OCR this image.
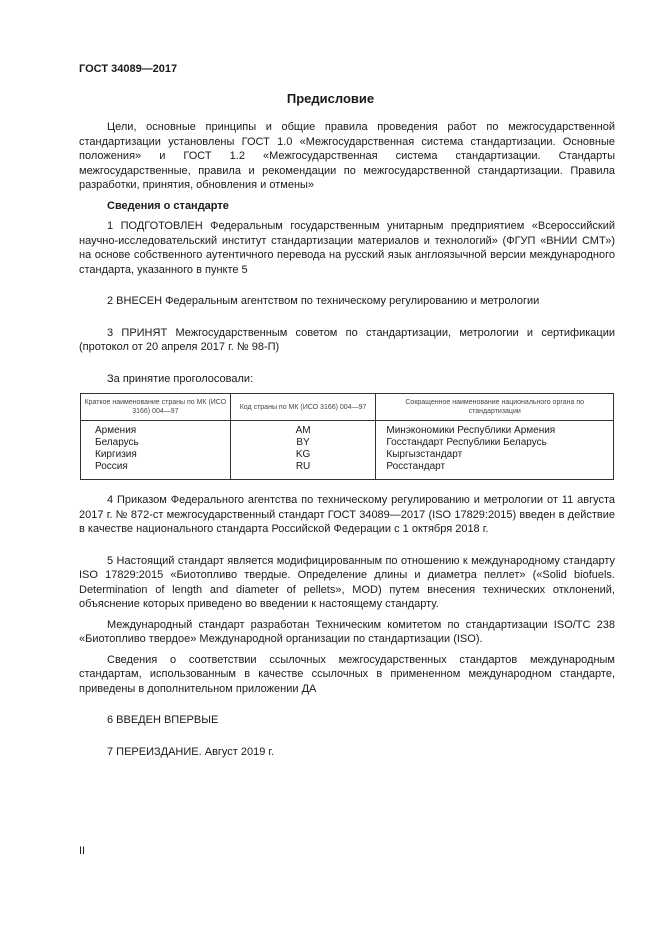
ГОСТ 34089—2017
Предисловие

Цели, основные принципы и общие правила проведения работ по межгосударственной стандартизации установлены ГОСТ 1.0 «Межгосударственная система стандартизации. Основные положения» и ГОСТ 1.2 «Межгосударственная система стандартизации. Стандарты межгосударственные, правила и рекомендации по межгосударственной стандартизации. Правила разработки, принятия, обновления и отмены»

Сведения о стандарте

1 ПОДГОТОВЛЕН Федеральным государственным унитарным предприятием «Всероссийский научно-исследовательский институт стандартизации материалов и технологий» (ФГУП «ВНИИ СМТ») на основе собственного аутентичного перевода на русский язык англоязычной версии международного стандарта, указанного в пункте 5

2 ВНЕСЕН Федеральным агентством по техническому регулированию и метрологии

3 ПРИНЯТ Межгосударственным советом по стандартизации, метрологии и сертификации (протокол от 20 апреля 2017 г. № 98-П)

За принятие проголосовали:

Краткое наименование страны по МК (ИСО 3166) 004—97	Код страны по МК (ИСО 3166) 004—97	Сокращенное наименование национального органа по стандартизации
Армения	AM	Минэкономики Республики Армения
Беларусь	BY	Госстандарт Республики Беларусь
Киргизия	KG	Кыргызстандарт
Россия	RU	Росстандарт

4 Приказом Федерального агентства по техническому регулированию и метрологии от 11 августа 2017 г. № 872-ст межгосударственный стандарт ГОСТ 34089—2017 (ISO 17829:2015) введен в действие в качестве национального стандарта Российской Федерации с 1 октября 2018 г.

5 Настоящий стандарт является модифицированным по отношению к международному стандарту ISO 17829:2015 «Биотопливо твердые. Определение длины и диаметра пеллет» («Solid biofuels. Determination of length and diameter of pellets», MOD) путем внесения технических отклонений, объяснение которых приведено во введении к настоящему стандарту.

Международный стандарт разработан Техническим комитетом по стандартизации ISO/TC 238 «Биотопливо твердое» Международной организации по стандартизации (ISO).

Сведения о соответствии ссылочных межгосударственных стандартов международным стандартам, использованным в качестве ссылочных в примененном международном стандарте, приведены в дополнительном приложении ДА

6 ВВЕДЕН ВПЕРВЫЕ

7 ПЕРЕИЗДАНИЕ. Август 2019 г.

II
